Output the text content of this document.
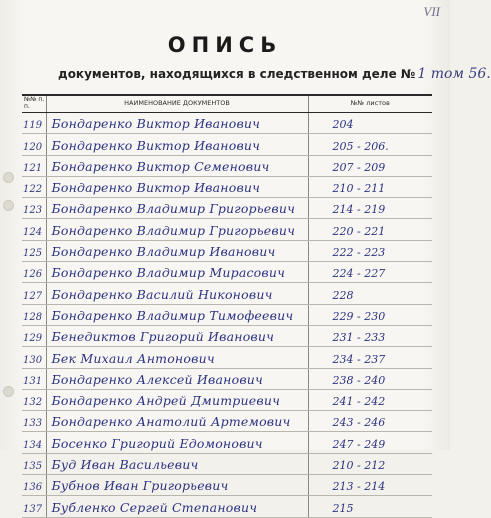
VII
ОПИСЬ
документов, находящихся в следственном деле № 1 том 56.
№№ п. п.	НАИМЕНОВАНИЕ ДОКУМЕНТОВ	№№ листов
119	Бондаренко Виктор Иванович	204
120	Бондаренко Виктор Иванович	205 - 206.
121	Бондаренко Виктор Семенович	207 - 209
122	Бондаренко Виктор Иванович	210 - 211
123	Бондаренко Владимир Григорьевич	214 - 219
124	Бондаренко Владимир Григорьевич	220 - 221
125	Бондаренко Владимир Иванович	222 - 223
126	Бондаренко Владимир Мирасович	224 - 227
127	Бондаренко Василий Никонович	228
128	Бондаренко Владимир Тимофеевич	229 - 230
129	Бенедиктов Григорий Иванович	231 - 233
130	Бек Михаил Антонович	234 - 237
131	Бондаренко Алексей Иванович	238 - 240
132	Бондаренко Андрей Дмитриевич	241 - 242
133	Бондаренко Анатолий Артемович	243 - 246
134	Босенко Григорий Едомонович	247 - 249
135	Буд Иван Васильевич	210 - 212
136	Бубнов Иван Григорьевич	213 - 214
137	Бубленко Сергей Степанович	215
